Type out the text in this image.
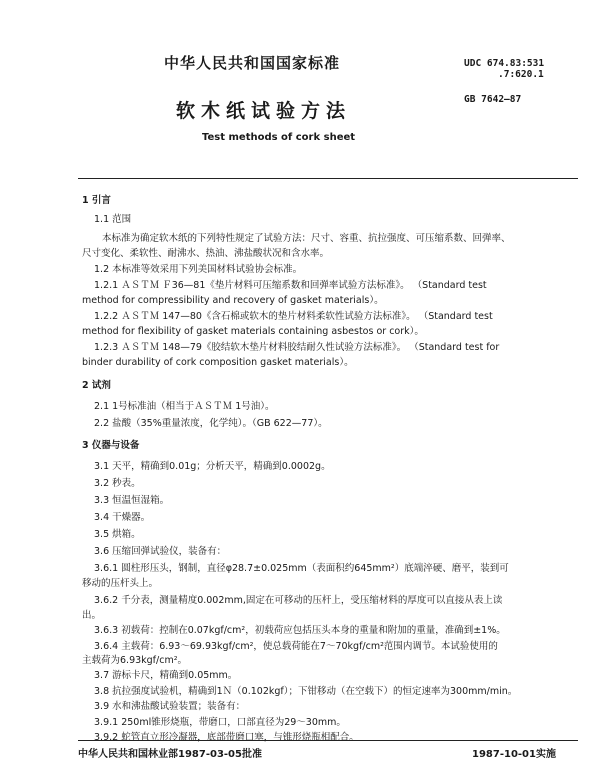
中华人民共和国国家标准	UDC 674.83:531
.7:620.1
软木纸试验方法
GB 7642—87
Test methods of cork sheet
1 引言
1.1 范围
本标准为确定软木纸的下列特性规定了试验方法：尺寸、容重、抗拉强度、可压缩系数、回弹率、
尺寸变化、柔软性、耐沸水、热油、沸盐酸状况和含水率。
1.2 本标准等效采用下列美国材料试验协会标准。
1.2.1 ＡＳＴＭ Ｆ36—81《垫片材料可压缩系数和回弹率试验方法标准》。 （Standard test
method for compressibility and recovery of gasket materials）。
1.2.2 ＡＳＴＭ 147—80《含石棉或软木的垫片材料柔软性试验方法标准》。 （Standard test
method for flexibility of gasket materials containing asbestos or cork）。
1.2.3 ＡＳＴＭ 148—79《胶结软木垫片材料胶结耐久性试验方法标准》。 （Standard test for
binder durability of cork composition gasket materials）。
2 试剂
2.1 1号标准油（相当于ＡＳＴＭ 1号油）。
2.2 盐酸（35%重量浓度，化学纯）。（GB 622—77）。
3 仪器与设备
3.1 天平，精确到0.01g；分析天平，精确到0.0002g。
3.2 秒表。
3.3 恒温恒湿箱。
3.4 干燥器。
3.5 烘箱。
3.6 压缩回弹试验仪，装备有：
3.6.1 圆柱形压头，钢制，直径φ28.7±0.025mm（表面积约645mm²）底端淬硬、磨平，装到可
移动的压杆头上。
3.6.2 千分表，测量精度0.002mm,固定在可移动的压杆上，受压缩材料的厚度可以直接从表上读
出。
3.6.3 初载荷：控制在0.07kgf/cm²，初载荷应包括压头本身的重量和附加的重量，准确到±1%。
3.6.4 主载荷：6.93～69.93kgf/cm²，使总载荷能在7～70kgf/cm²范围内调节。本试验使用的
主载荷为6.93kgf/cm²。
3.7 游标卡尺，精确到0.05mm。
3.8 抗拉强度试验机，精确到1Ｎ（0.102kgf）；下钳移动（在空载下）的恒定速率为300mm/min。
3.9 水和沸盐酸试验装置；装备有：
3.9.1 250ml锥形烧瓶，带磨口，口部直径为29～30mm。
3.9.2 蛇管直立形冷凝器，底部带磨口塞，与锥形烧瓶相配合。
中华人民共和国林业部1987-03-05批准	1987-10-01实施
